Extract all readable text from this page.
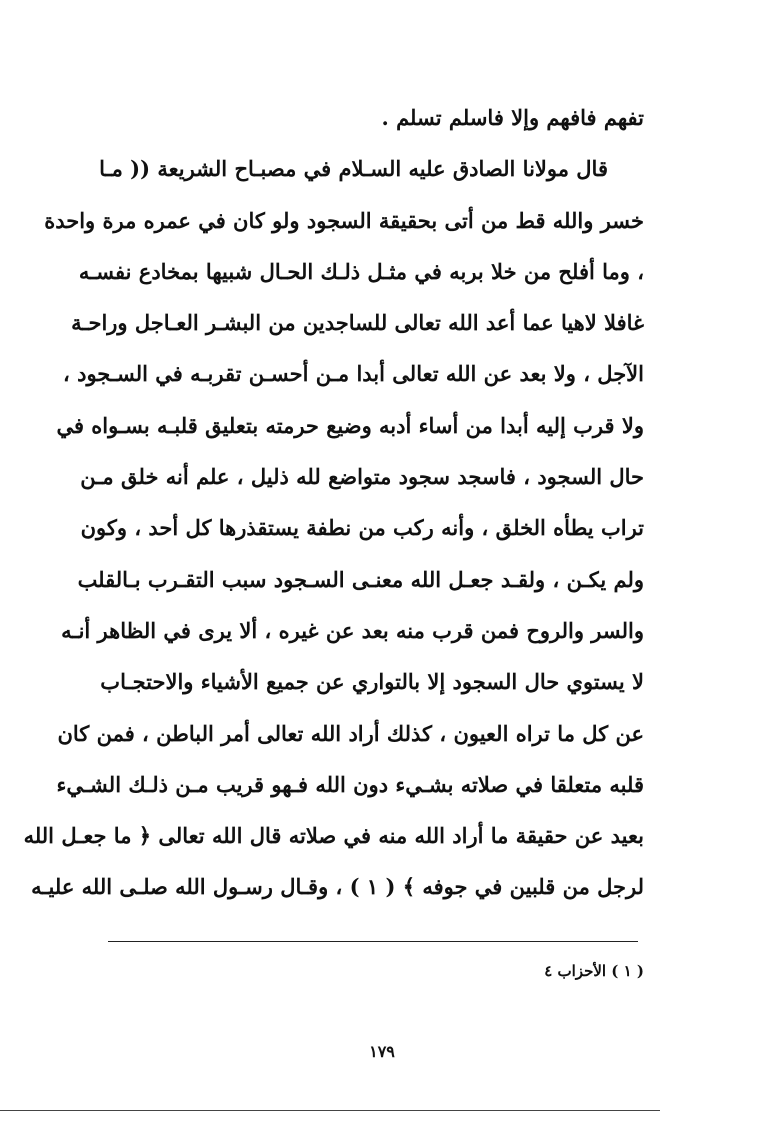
تفهم فافهم وإلا فاسلم تسلم .
قال مولانا الصادق عليه السـلام في مصبـاح الشريعة (( مـا
خسر والله قط من أتى بحقيقة السجود ولو كان في عمره مرة واحدة
، وما أفلح من خلا بربه في مثـل ذلـك الحـال شبيها بمخادع نفسـه
غافلا لاهيا عما أعد الله تعالى للساجدين من البشـر العـاجل وراحـة
الآجل ، ولا بعد عن الله تعالى أبدا مـن أحسـن تقربـه في السـجود ،
ولا قرب إليه أبدا من أساء أدبه وضيع حرمته بتعليق قلبـه بسـواه في
حال السجود ، فاسجد سجود متواضع لله ذليل ، علم أنه خلق مـن
تراب يطأه الخلق ، وأنه ركب من نطفة يستقذرها كل أحد ، وكون
ولم يكـن ، ولقـد جعـل الله معنـى السـجود سبب التقـرب بـالقلب
والسر والروح فمن قرب منه بعد عن غيره ، ألا يرى في الظاهر أنـه
لا يستوي حال السجود إلا بالتواري عن جميع الأشياء والاحتجـاب
عن كل ما تراه العيون ، كذلك أراد الله تعالى أمر الباطن ، فمن كان
قلبه متعلقا في صلاته بشـيء دون الله فـهو قريب مـن ذلـك الشـيء
بعيد عن حقيقة ما أراد الله منه في صلاته قال الله تعالى ﴿ ما جعـل الله
لرجل من قلبين في جوفه ﴾ ( ١ ) ، وقـال رسـول الله صلـى الله عليـه
( ١ ) الأحزاب ٤
١٧٩
